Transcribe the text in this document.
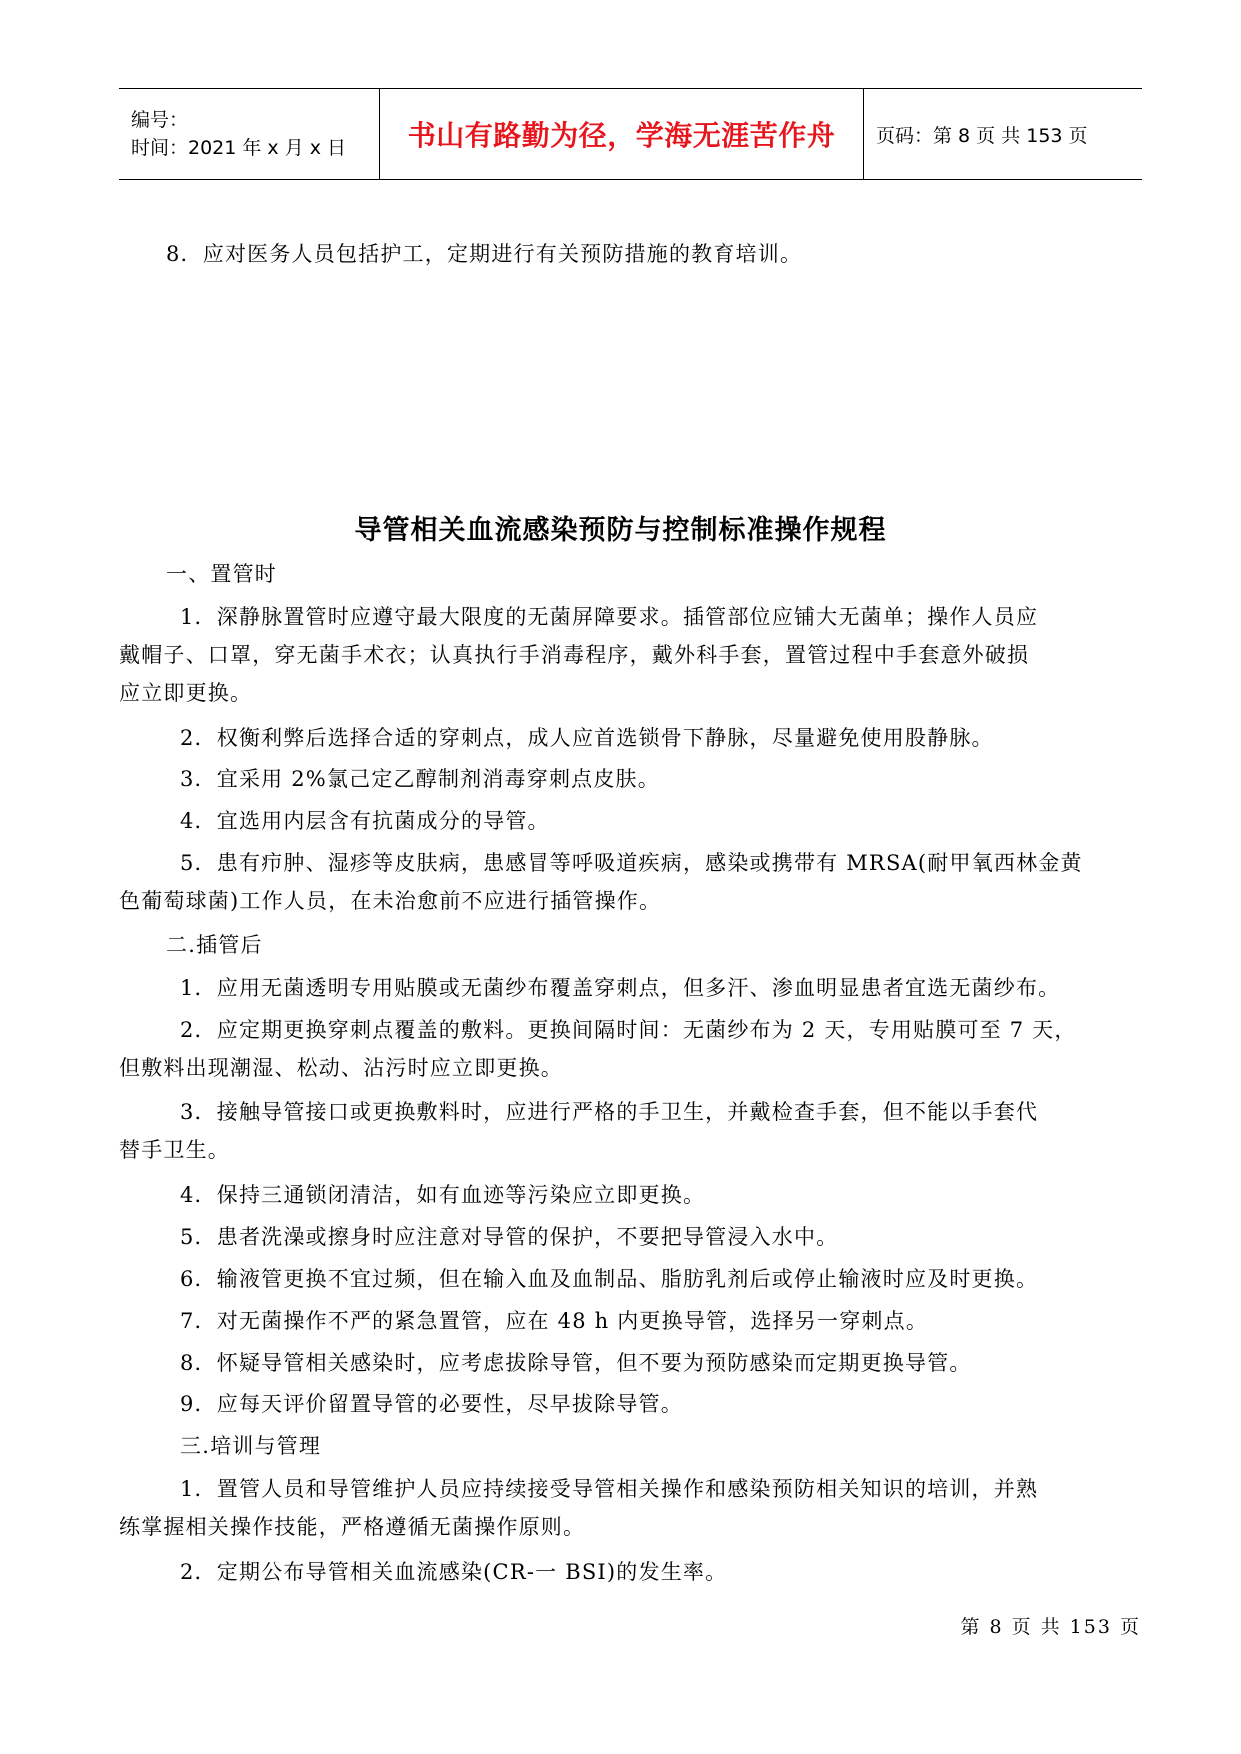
编号：
时间：2021 年 x 月 x 日	书山有路勤为径，学海无涯苦作舟 页码：第 8 页 共 153 页
8．应对医务人员包括护工，定期进行有关预防措施的教育培训。
导管相关血流感染预防与控制标准操作规程
一、置管时
1．深静脉置管时应遵守最大限度的无菌屏障要求。插管部位应铺大无菌单；操作人员应
戴帽子、口罩，穿无菌手术衣；认真执行手消毒程序，戴外科手套，置管过程中手套意外破损
应立即更换。
2．权衡利弊后选择合适的穿刺点，成人应首选锁骨下静脉，尽量避免使用股静脉。
3．宜采用 2%氯己定乙醇制剂消毒穿刺点皮肤。
4．宜选用内层含有抗菌成分的导管。
5．患有疖肿、湿疹等皮肤病，患感冒等呼吸道疾病，感染或携带有 MRSA(耐甲氧西林金黄
色葡萄球菌)工作人员，在未治愈前不应进行插管操作。
二.插管后
1．应用无菌透明专用贴膜或无菌纱布覆盖穿刺点，但多汗、渗血明显患者宜选无菌纱布。
2．应定期更换穿刺点覆盖的敷料。更换间隔时间：无菌纱布为 2 天，专用贴膜可至 7 天，
但敷料出现潮湿、松动、沾污时应立即更换。
3．接触导管接口或更换敷料时，应进行严格的手卫生，并戴检查手套，但不能以手套代
替手卫生。
4．保持三通锁闭清洁，如有血迹等污染应立即更换。
5．患者洗澡或擦身时应注意对导管的保护，不要把导管浸入水中。
6．输液管更换不宜过频，但在输入血及血制品、脂肪乳剂后或停止输液时应及时更换。
7．对无菌操作不严的紧急置管，应在 48 h 内更换导管，选择另一穿刺点。
8．怀疑导管相关感染时，应考虑拔除导管，但不要为预防感染而定期更换导管。
9．应每天评价留置导管的必要性，尽早拔除导管。
三.培训与管理
1．置管人员和导管维护人员应持续接受导管相关操作和感染预防相关知识的培训，并熟
练掌握相关操作技能，严格遵循无菌操作原则。
2．定期公布导管相关血流感染(CR-一 BSI)的发生率。
第 8 页 共 153 页
